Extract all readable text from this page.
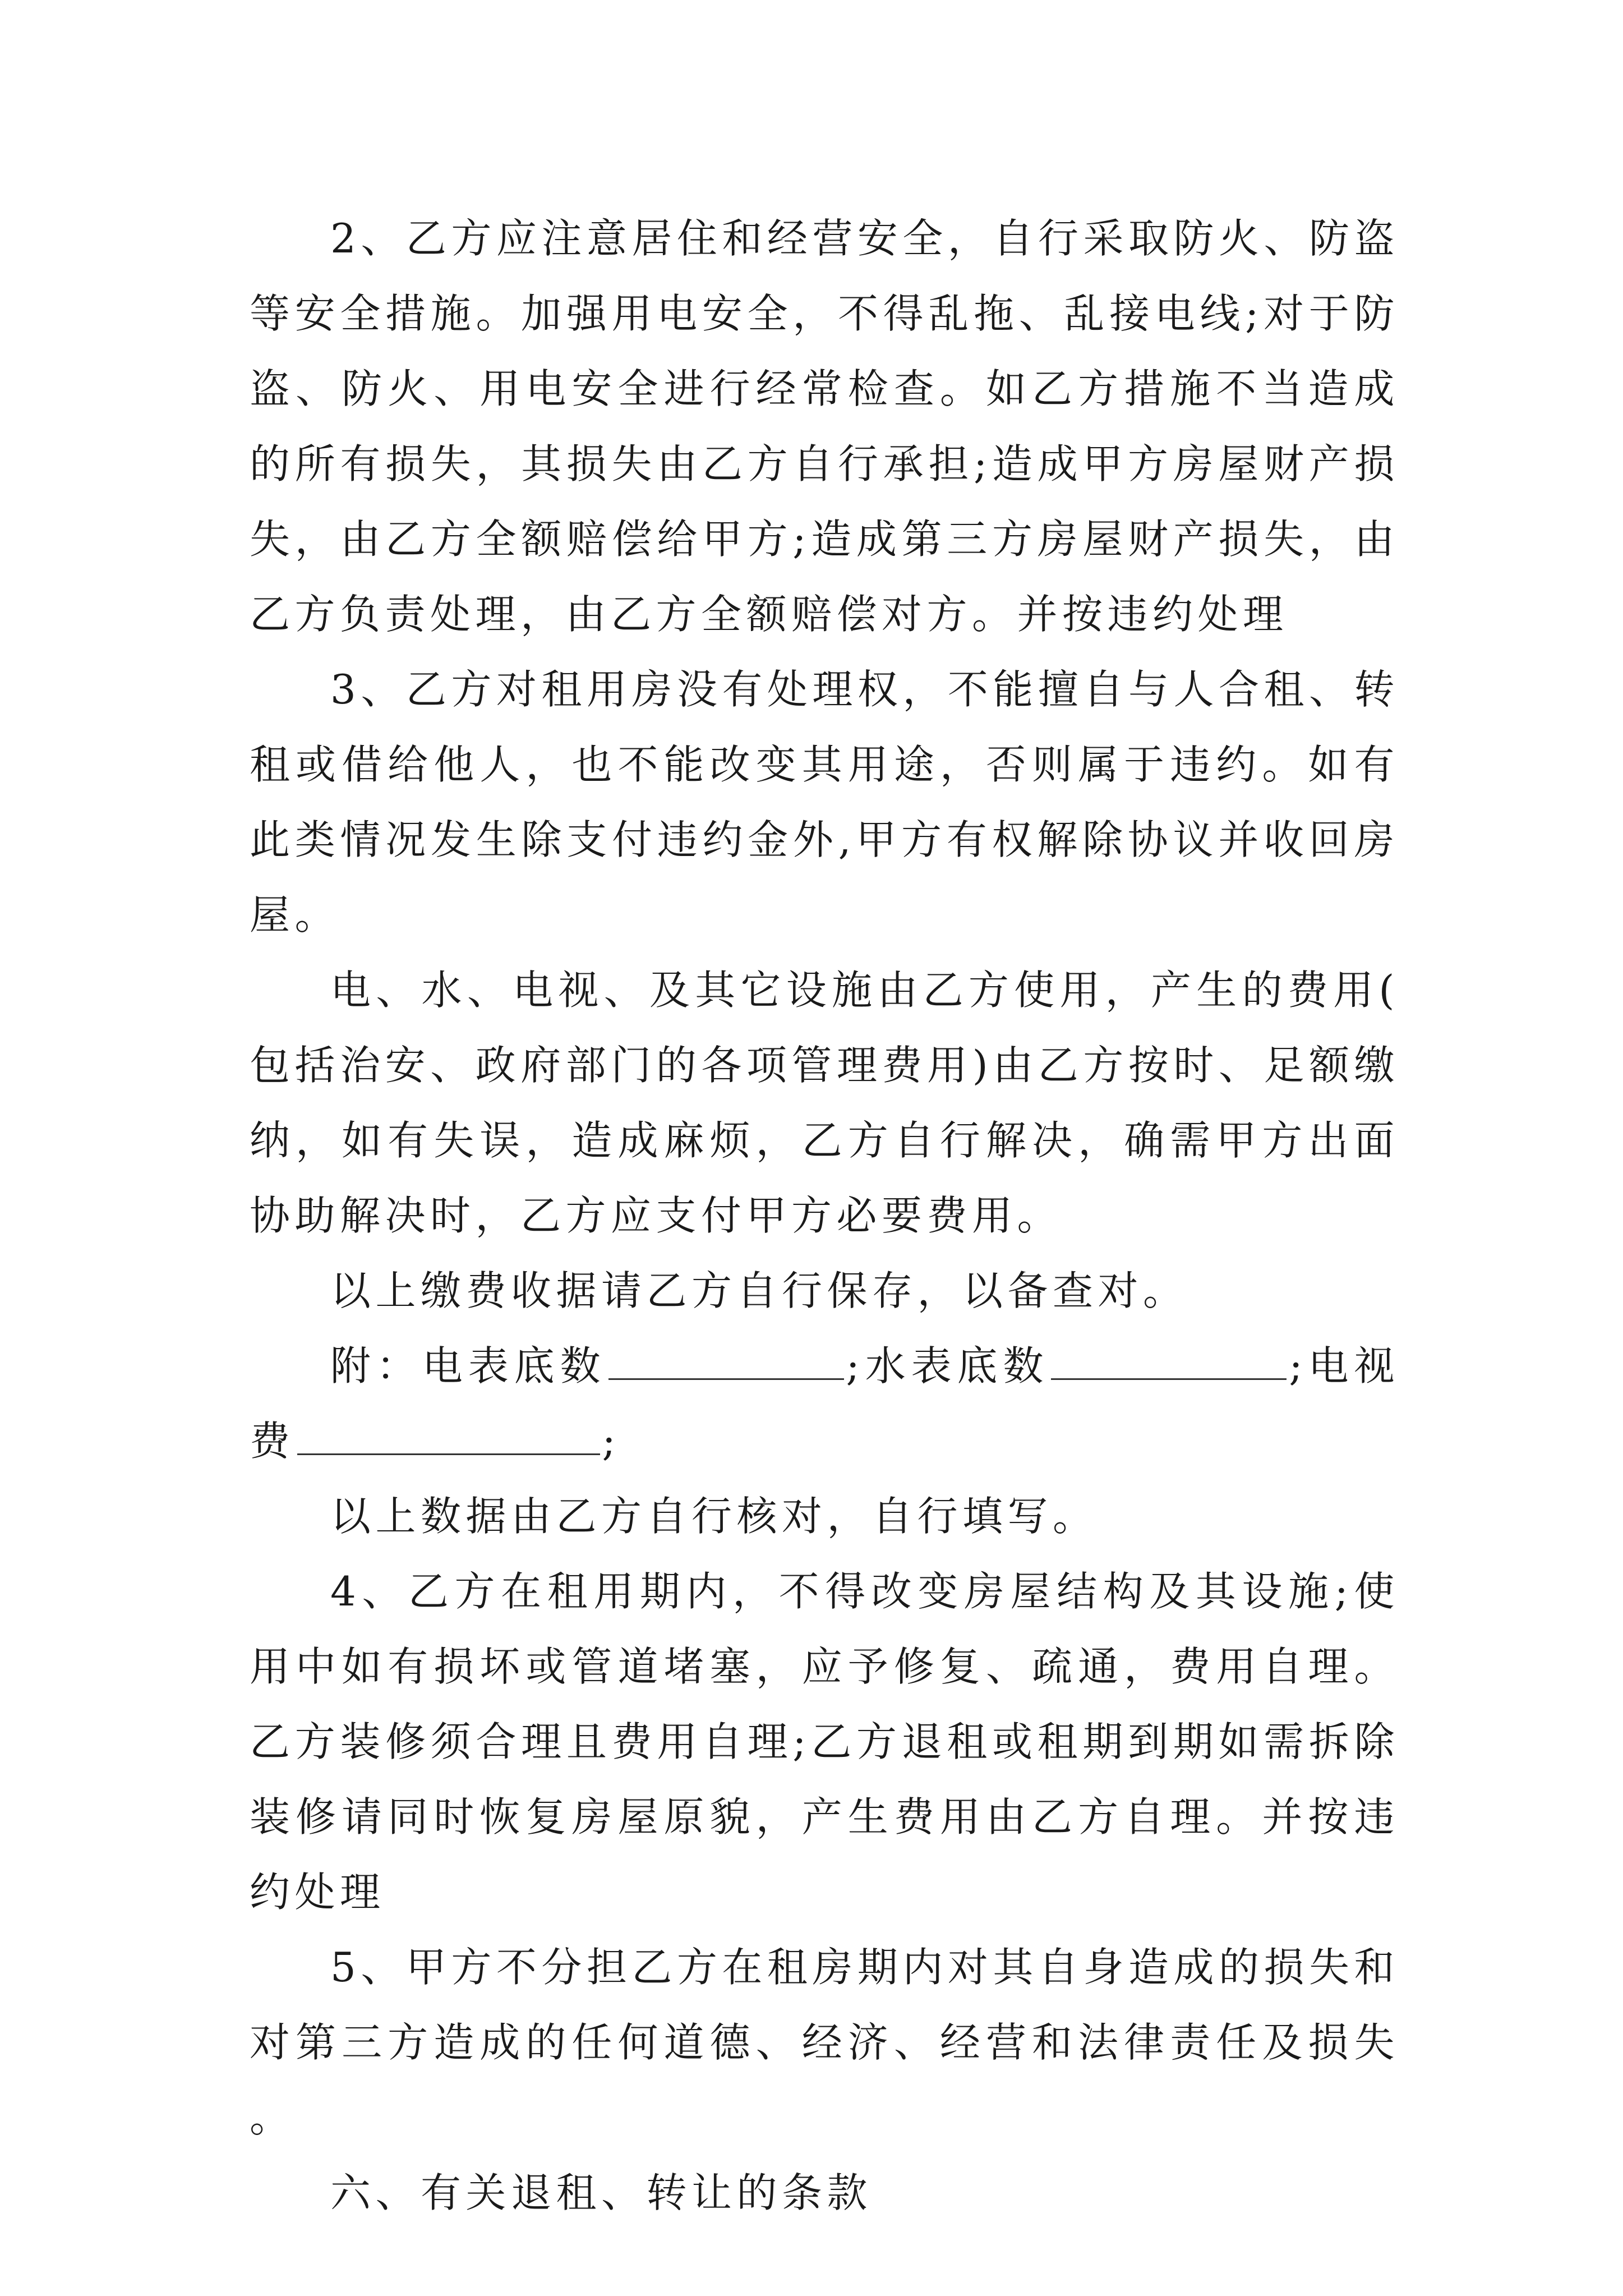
2、乙方应注意居住和经营安全，自行采取防火、防盗等安全措施。加强用电安全，不得乱拖、乱接电线;对于防盗、防火、用电安全进行经常检查。如乙方措施不当造成的所有损失，其损失由乙方自行承担;造成甲方房屋财产损失，由乙方全额赔偿给甲方;造成第三方房屋财产损失，由乙方负责处理，由乙方全额赔偿对方。并按违约处理

3、乙方对租用房没有处理权，不能擅自与人合租、转租或借给他人，也不能改变其用途，否则属于违约。如有此类情况发生除支付违约金外,甲方有权解除协议并收回房屋。

电、水、电视、及其它设施由乙方使用，产生的费用(包括治安、政府部门的各项管理费用)由乙方按时、足额缴纳，如有失误，造成麻烦，乙方自行解决，确需甲方出面协助解决时，乙方应支付甲方必要费用。

以上缴费收据请乙方自行保存，以备查对。

附：电表底数	;水表底数	;电视费	;

以上数据由乙方自行核对，自行填写。

4、乙方在租用期内，不得改变房屋结构及其设施;使用中如有损坏或管道堵塞，应予修复、疏通，费用自理。乙方装修须合理且费用自理;乙方退租或租期到期如需拆除装修请同时恢复房屋原貌，产生费用由乙方自理。并按违约处理

5、甲方不分担乙方在租房期内对其自身造成的损失和对第三方造成的任何道德、经济、经营和法律责任及损失。

六、有关退租、转让的条款
